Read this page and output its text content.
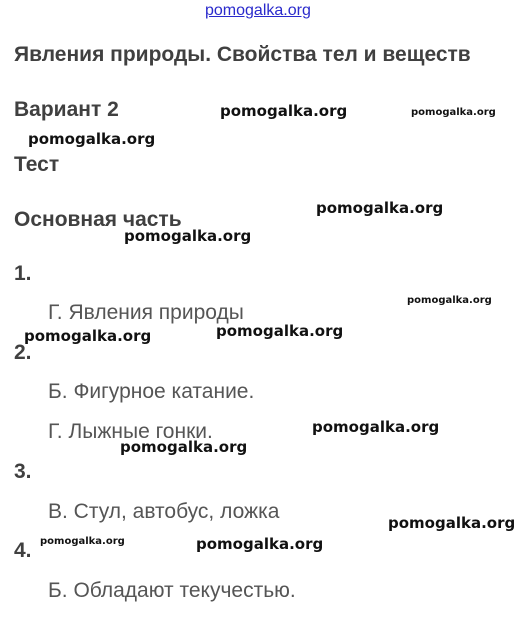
pomogalka.org
Явления природы. Свойства тел и веществ
Вариант 2
Тест
Основная часть
1.
Г. Явления природы
2.
Б. Фигурное катание.
Г. Лыжные гонки.
3.
В. Стул, автобус, ложка
4.
Б. Обладают текучестью.
pomogalka.org	pomogalka.org
pomogalka.org
pomogalka.org
pomogalka.org
pomogalka.org
pomogalka.org
pomogalka.org
pomogalka.org
pomogalka.org
pomogalka.org
pomogalka.org	pomogalka.org
